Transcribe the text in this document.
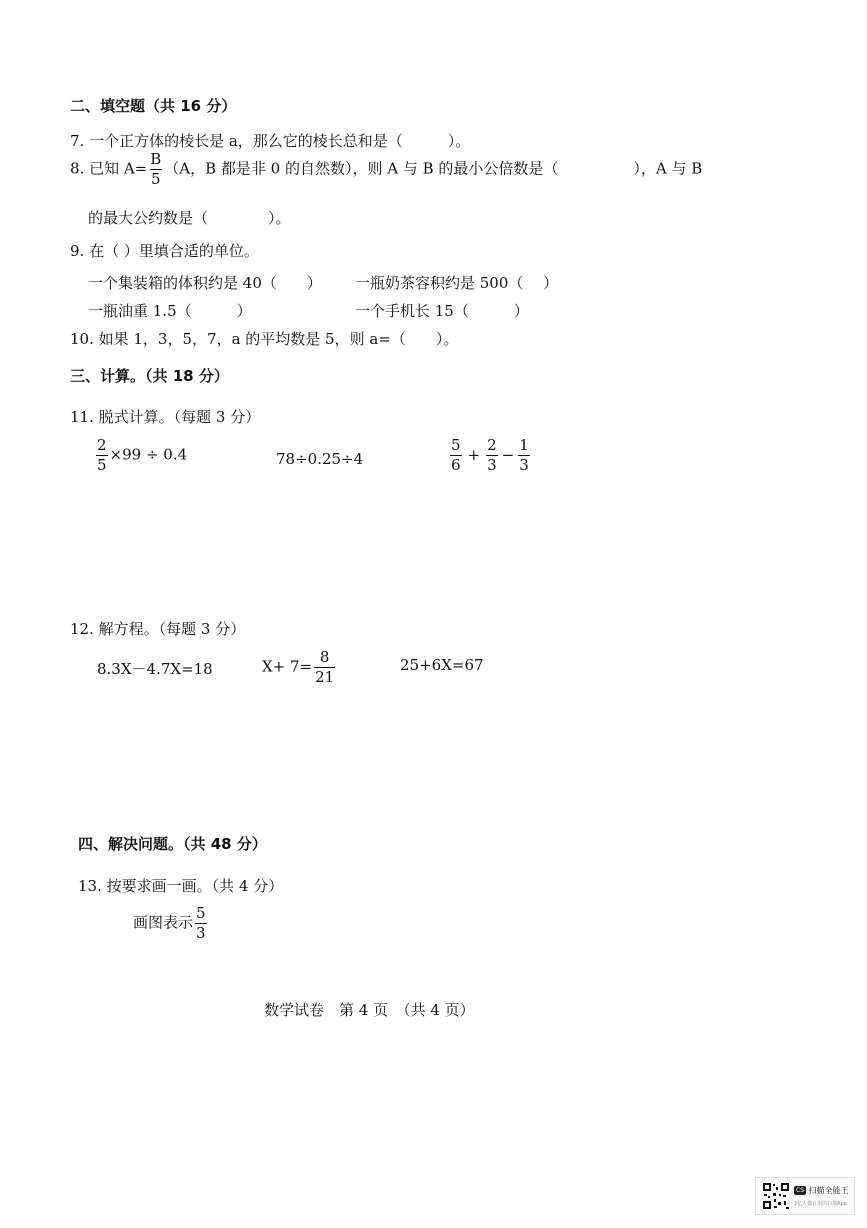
二、填空题（共 16 分）
7. 一个正方体的棱长是 a，那么它的棱长总和是（　　　）。
8. 已知 $A= \frac{B}{5} (A$，B 都是非 0 的自然数），则 A 与 B 的最小公倍数是（　　　　　），A 与 B
的最大公约数是（　　　　）。
9. 在（ ）里填合适的单位。
一个集装箱的体积约是 40（　　） 一瓶奶茶容积约是 500（　 ）
一瓶油重 1.5（　　　）	一个手机长 15（　　　）
10. 如果 1，3，5，7，a 的平均数是 5，则 a=（　　）。
三、计算。（共 18 分）
11. 脱式计算。（每题 3 分）
$\frac{2}{5} \times 99 \div 0.4$	78÷0.25÷4	$\frac{5}{6} + \frac{2}{3} - \frac{1}{3}$
12. 解方程。（每题 3 分）
8.3X－4.7X=18	$X+ 7= \frac{8}{21}$	25+6X=67
四、解决问题。（共 48 分）
13. 按要求画一画。（共 4 分）
画图表示 $\frac{5}{3}$
数学试卷　第 4 页　（共 4 页）
CS 扫描全能王
3亿人都在用的扫描App
